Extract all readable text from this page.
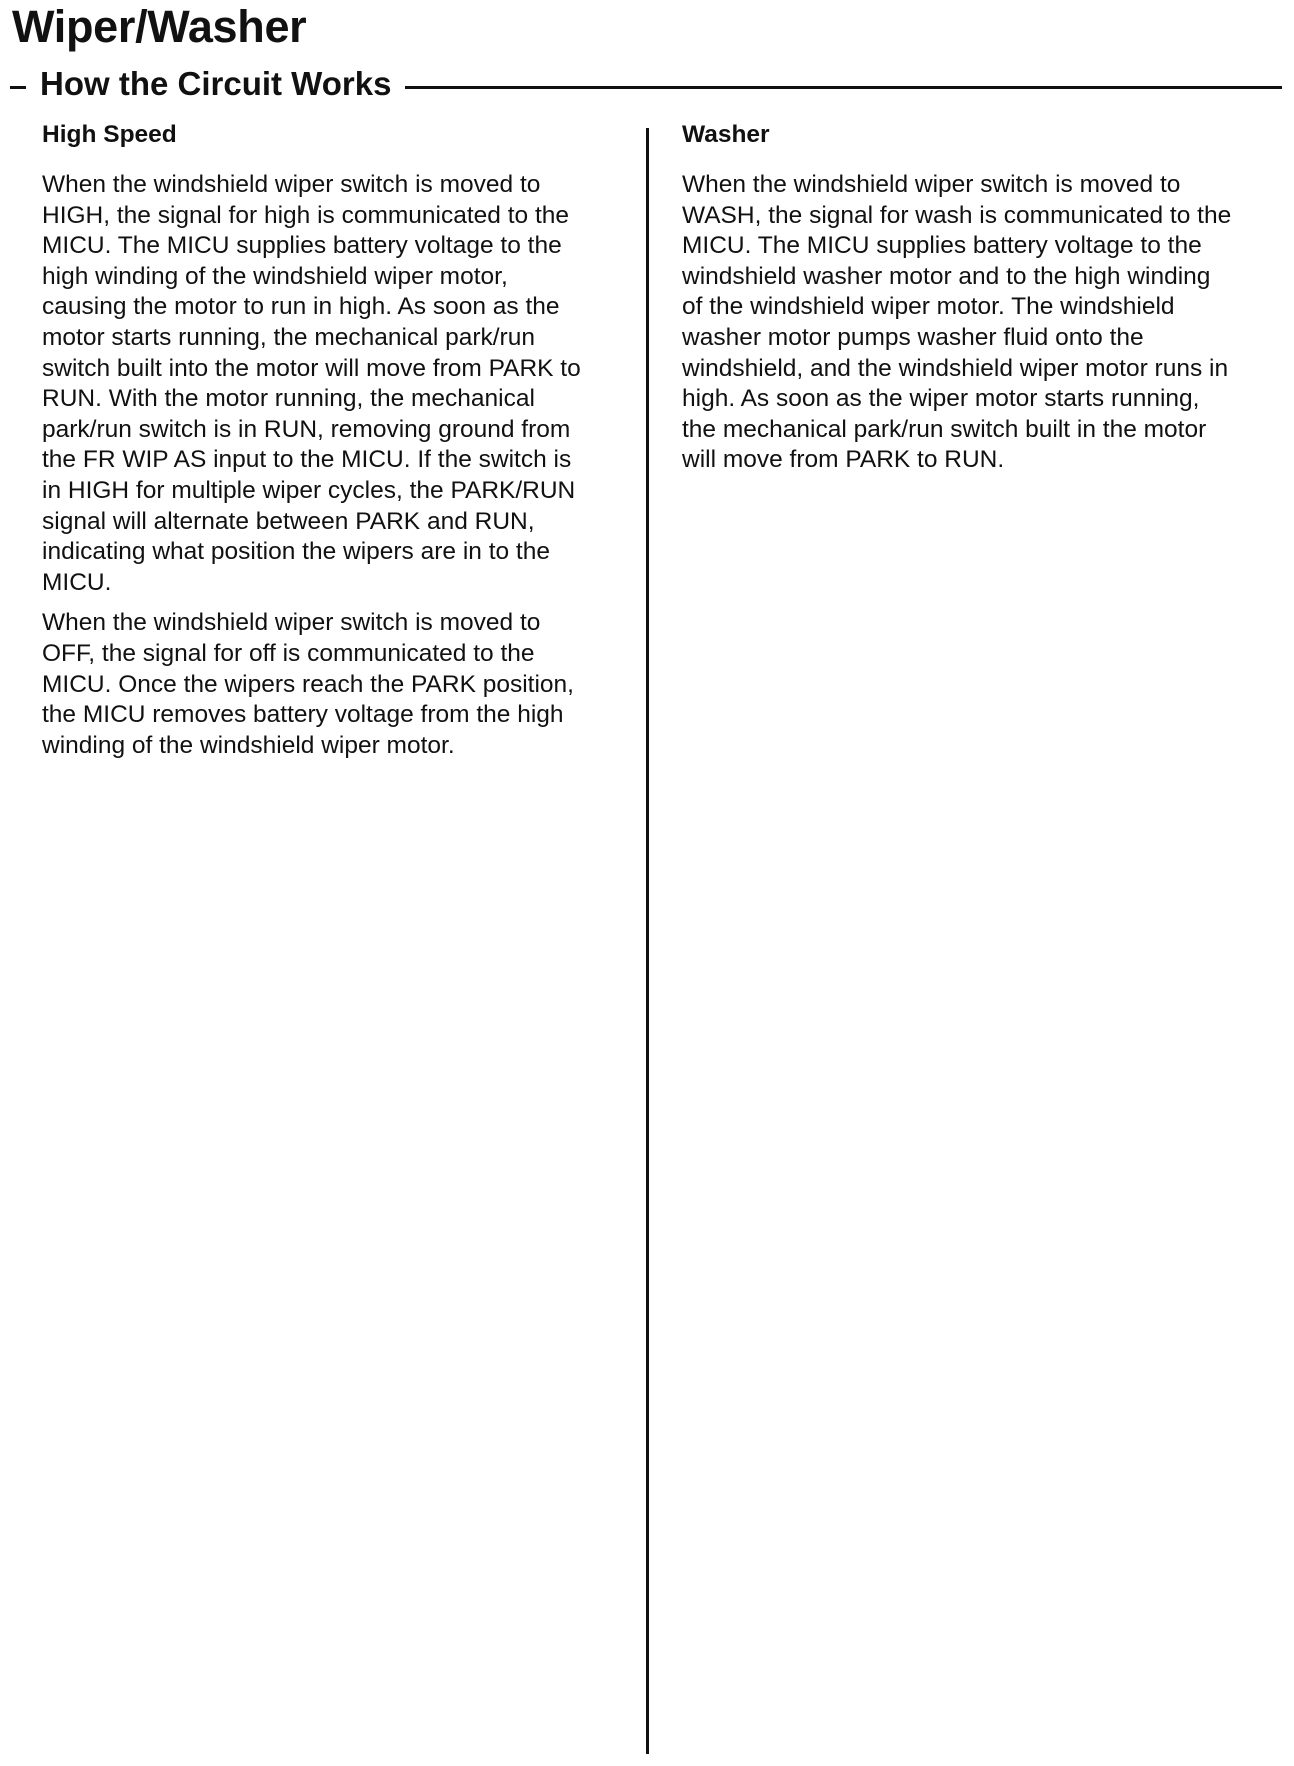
Wiper/Washer
How the Circuit Works
High Speed

When the windshield wiper switch is moved to
HIGH, the signal for high is communicated to the
MICU. The MICU supplies battery voltage to the
high winding of the windshield wiper motor,
causing the motor to run in high. As soon as the
motor starts running, the mechanical park/run
switch built into the motor will move from PARK to
RUN. With the motor running, the mechanical
park/run switch is in RUN, removing ground from
the FR WIP AS input to the MICU. If the switch is
in HIGH for multiple wiper cycles, the PARK/RUN
signal will alternate between PARK and RUN,
indicating what position the wipers are in to the
MICU.

When the windshield wiper switch is moved to
OFF, the signal for off is communicated to the
MICU. Once the wipers reach the PARK position,
the MICU removes battery voltage from the high
winding of the windshield wiper motor.

Washer

When the windshield wiper switch is moved to
WASH, the signal for wash is communicated to the
MICU. The MICU supplies battery voltage to the
windshield washer motor and to the high winding
of the windshield wiper motor. The windshield
washer motor pumps washer fluid onto the
windshield, and the windshield wiper motor runs in
high. As soon as the wiper motor starts running,
the mechanical park/run switch built in the motor
will move from PARK to RUN.
